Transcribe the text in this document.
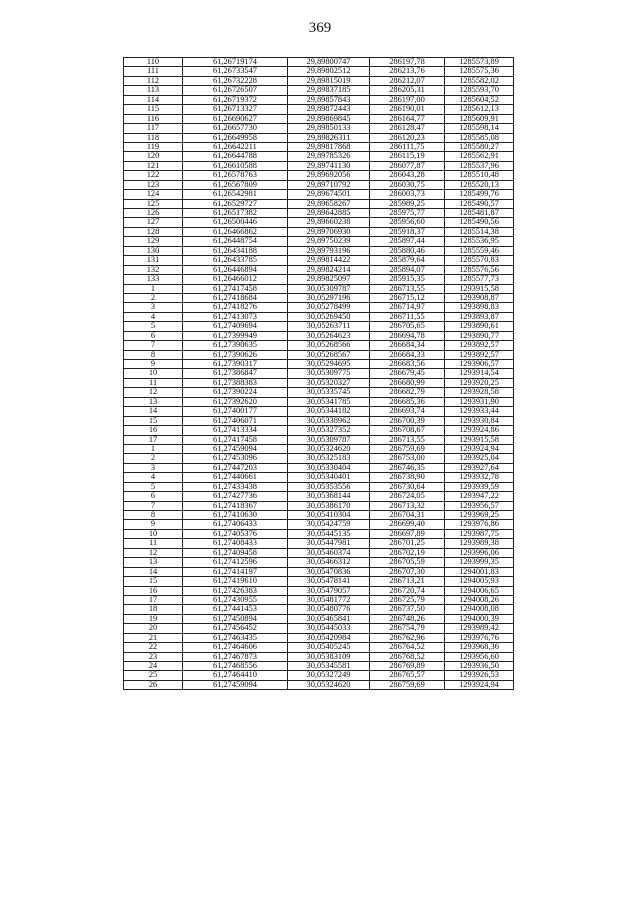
369
110	61,26719174	29,89800747	286197,78	1285573,89
111	61,26733547	29,89802512	286213,76	1285575,36
112	61,26732228	29,89815019	286212,07	1285582,02
113	61,26726507	29,89837185	286205,31	1285593,70
114	61,26719372	29,89857843	286197,00	1285604,52
115	61,26713327	29,89872443	286190,01	1285612,13
116	61,26690627	29,89869845	286164,77	1285609,91
117	61,26657730	29,89850133	286128,47	1285598,14
118	61,26649958	29,89826311	286120,23	1285585,08
119	61,26642211	29,89817868	286111,75	1285580,27
120	61,26644788	29,89785326	286115,19	1285562,91
121	61,26610588	29,89741130	286077,87	1285537,96
122	61,26578763	29,89692056	286043,28	1285510,48
123	61,26567809	29,89710792	286030,75	1285520,13
124	61,26542981	29,89674501	286003,73	1285499,76
125	61,26529727	29,89658267	285989,25	1285490,57
126	61,26517382	29,89642885	285975,77	1285481,87
127	61,26500446	29,89660238	285956,60	1285490,56
128	61,26466862	29,89706930	285918,37	1285514,38
129	61,26448754	29,89750239	285897,44	1285536,95
130	61,26434188	29,89793196	285880,46	1285559,46
131	61,26433785	29,89814422	285879,64	1285570,83
132	61,26446894	29,89824214	285894,07	1285576,56
133	61,26466012	29,89825097	285915,35	1285577,73
1	61,27417458	30,05309787	286713,55	1293915,58
2	61,27418684	30,05297196	286715,12	1293908,87
3	61,27418276	30,05278499	286714,97	1293898,83
4	61,27413073	30,05269450	286711,55	1293893,87
5	61,27409694	30,05263711	286705,65	1293890,61
6	61,27399949	30,05264623	286694,78	1293890,77
7	61,27390635	30,05268566	286684,34	1293892,57
8	61,27390626	30,05268567	286684,33	1293892,57
9	61,27390317	30,05294695	286683,56	1293906,57
10	61,27386847	30,05309775	286679,45	1293914,54
11	61,27388383	30,05320327	286680,99	1293920,25
12	61,27390224	30,05335745	286682,79	1293928,58
13	61,27392620	30,05341785	286685,36	1293931,90
14	61,27400177	30,05344182	286693,74	1293933,44
15	61,27406071	30,05338962	286700,39	1293930,84
16	61,27413334	30,05327352	286708,67	1293924,86
17	61,27417458	30,05309787	286713,55	1293915,58
1	61,27459094	30,05324620	286759,69	1293924,94
2	61,27453096	30,05325183	286753,00	1293925,04
3	61,27447203	30,05330404	286746,35	1293927,64
4	61,27440661	30,05340401	286738,90	1293932,78
5	61,27433438	30,05353556	286730,64	1293939,59
6	61,27427736	30,05368144	286724,05	1293947,22
7	61,27418367	30,05386170	286713,32	1293956,57
8	61,27410630	30,05410304	286704,31	1293969,25
9	61,27406433	30,05424759	286699,40	1293976,86
10	61,27405376	30,05445135	286697,89	1293987,75
11	61,27408433	30,05447981	286701,25	1293989,38
12	61,27409458	30,05460374	286702,19	1293996,06
13	61,27412596	30,05466312	286705,59	1293999,35
14	61,27414197	30,05470836	286707,30	1294001,83
15	61,27419610	30,05478141	286713,21	1294005,93
16	61,27426383	30,05479057	286720,74	1294006,65
17	61,27430955	30,05481772	286725,79	1294008,26
18	61,27441453	30,05480776	286737,50	1294008,08
19	61,27450894	30,05465841	286748,26	1294000,39
20	61,27456452	30,05445033	286754,79	1293989,42
21	61,27463435	30,05420984	286762,96	1293976,76
22	61,27464606	30,05405245	286764,52	1293968,36
23	61,27467873	30,05383109	286768,52	1293956,60
24	61,27468556	30,05345581	286769,89	1293936,50
25	61,27464410	30,05327249	286765,57	1293926,53
26	61,27459094	30,05324620	286759,69	1293924,94
